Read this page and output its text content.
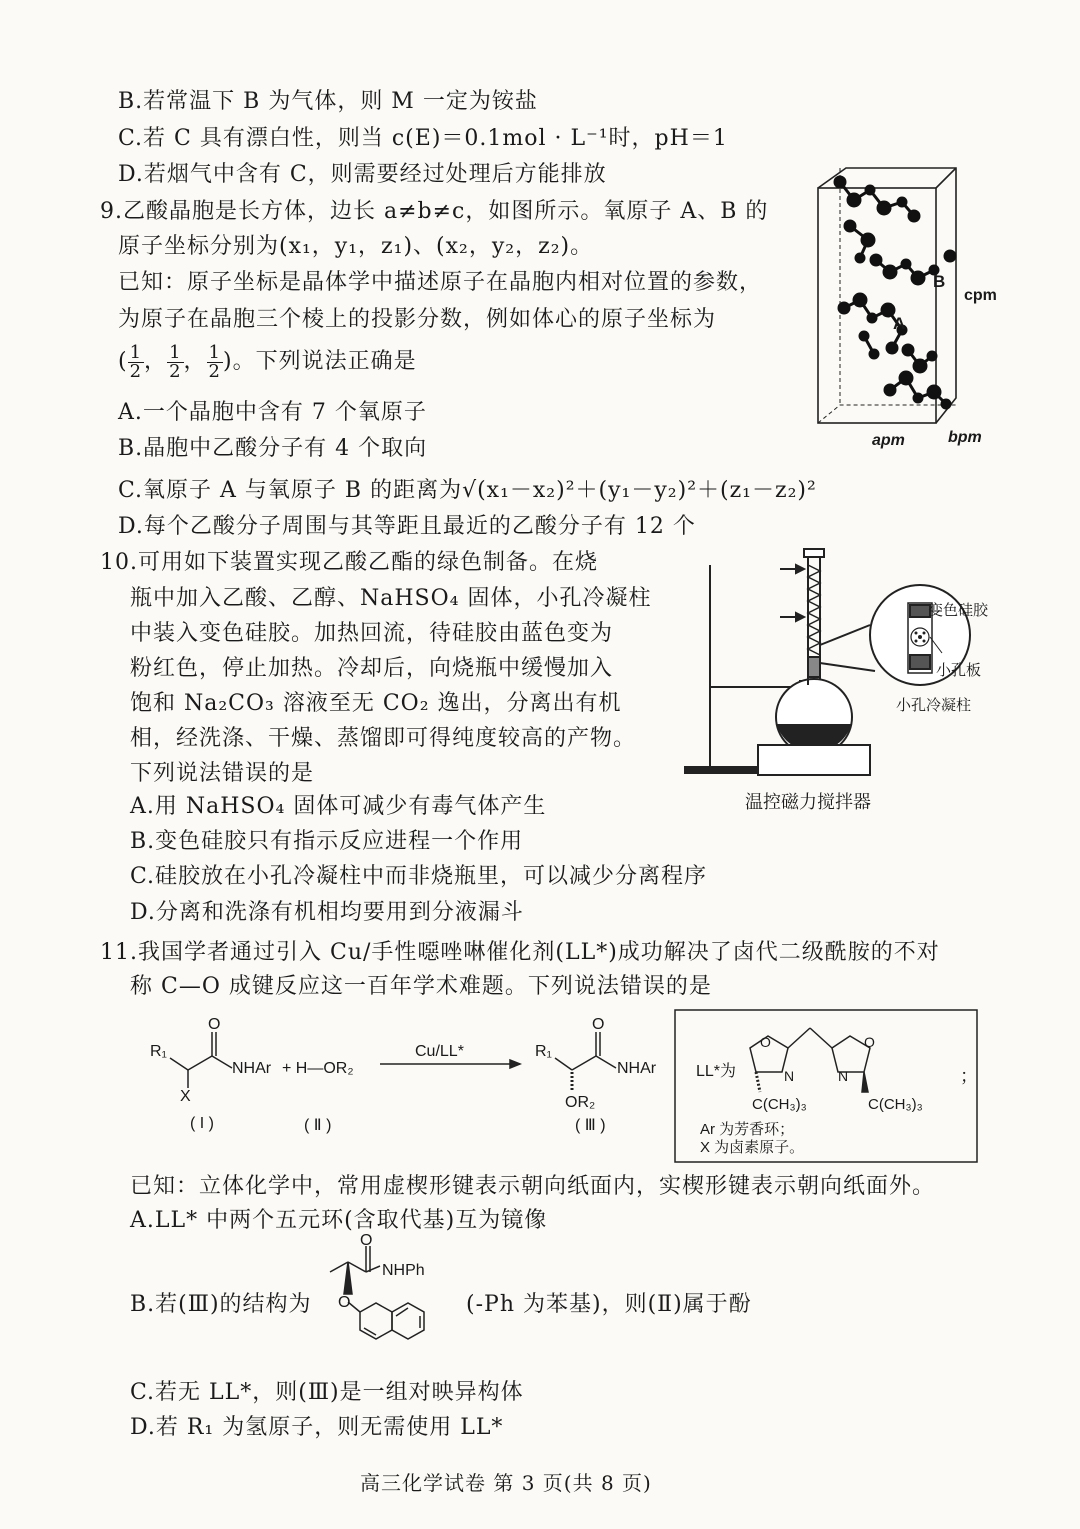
B.若常温下 B 为气体，则 M 一定为铵盐
C.若 C 具有漂白性，则当 c(E)＝0.1mol · L⁻¹时，pH＝1
D.若烟气中含有 C，则需要经过处理后方能排放
9.乙酸晶胞是长方体，边长 a≠b≠c，如图所示。氧原子 A、B 的
原子坐标分别为(x₁，y₁，z₁)、(x₂，y₂，z₂)。
已知：原子坐标是晶体学中描述原子在晶胞内相对位置的参数，
为原子在晶胞三个棱上的投影分数，例如体心的原子坐标为
( $\frac{1}{2}$ ， $\frac{1}{2}$ ， $\frac{1}{2}$ )。下列说法正确是
A.一个晶胞中含有 7 个氧原子
B.晶胞中乙酸分子有 4 个取向
C.氧原子 A 与氧原子 B 的距离为√(x₁－x₂)²＋(y₁－y₂)²＋(z₁－z₂)²
D.每个乙酸分子周围与其等距且最近的乙酸分子有 12 个
B
A
cpm
apm	bpm
10.可用如下装置实现乙酸乙酯的绿色制备。在烧
瓶中加入乙酸、乙醇、NaHSO₄ 固体，小孔冷凝柱
中装入变色硅胶。加热回流，待硅胶由蓝色变为
粉红色，停止加热。冷却后，向烧瓶中缓慢加入
饱和 Na₂CO₃ 溶液至无 CO₂ 逸出，分离出有机
相，经洗涤、干燥、蒸馏即可得纯度较高的产物。
下列说法错误的是
A.用 NaHSO₄ 固体可减少有毒气体产生
B.变色硅胶只有指示反应进程一个作用
C.硅胶放在小孔冷凝柱中而非烧瓶里，可以减少分离程序
D.分离和洗涤有机相均要用到分液漏斗
变色硅胶
小孔板
小孔冷凝柱
温控磁力搅拌器
11.我国学者通过引入 Cu/手性噁唑啉催化剂(LL*)成功解决了卤代二级酰胺的不对
称 C—O 成键反应这一百年学术难题。下列说法错误的是
R₁
O
X
NHAr + H—OR₂
Cu/LL*	R₁
O
NHAr
OR₂
( I )	( Ⅱ )	( Ⅲ )
LL*为
O	O
N	N
C(CH₃)₃	C(CH₃)₃
Ar 为芳香环；
X 为卤素原子。
；
已知：立体化学中，常用虚楔形键表示朝向纸面内，实楔形键表示朝向纸面外。
A.LL* 中两个五元环(含取代基)互为镜像
B.若(Ⅲ)的结构为	(-Ph 为苯基)，则(Ⅱ)属于酚
O
NHPh
O
C.若无 LL*，则(Ⅲ)是一组对映异构体
D.若 R₁ 为氢原子，则无需使用 LL*
高三化学试卷 第 3 页(共 8 页)
